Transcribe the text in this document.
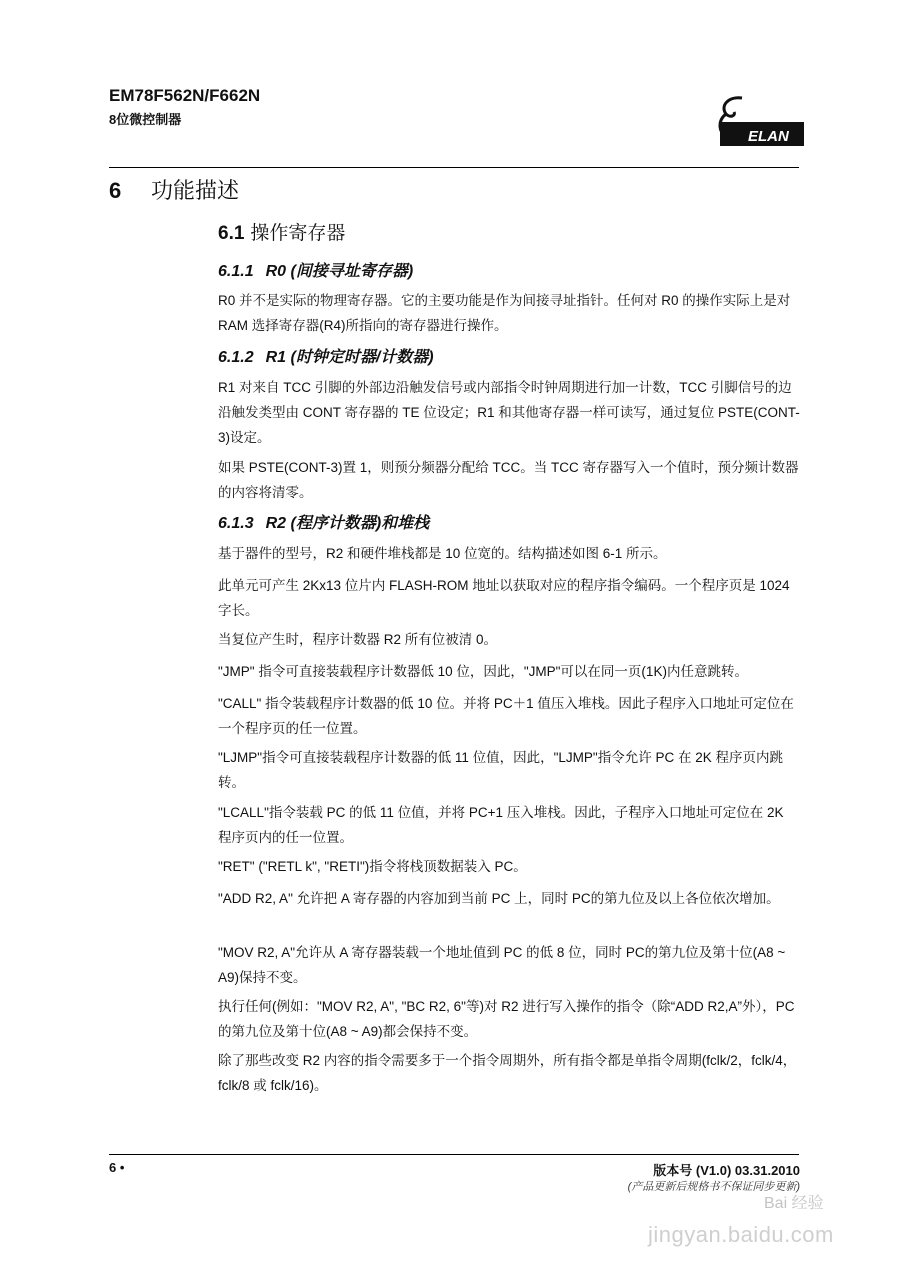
EM78F562N/F662N
8位微控制器
ELAN
6 功能描述
6.1 操作寄存器
6.1.1 R0 (间接寻址寄存器)
R0 并不是实际的物理寄存器。它的主要功能是作为间接寻址指针。任何对 R0 的操作实际上是对 RAM 选择寄存器(R4)所指向的寄存器进行操作。
6.1.2 R1 (时钟定时器/计数器)
R1 对来自 TCC 引脚的外部边沿触发信号或内部指令时钟周期进行加一计数，TCC 引脚信号的边沿触发类型由 CONT 寄存器的 TE 位设定；R1 和其他寄存器一样可读写，通过复位 PSTE(CONT-3)设定。
如果 PSTE(CONT-3)置 1，则预分频器分配给 TCC。当 TCC 寄存器写入一个值时，预分频计数器的内容将清零。
6.1.3 R2 (程序计数器)和堆栈
基于器件的型号，R2 和硬件堆栈都是 10 位宽的。结构描述如图 6-1 所示。
此单元可产生 2Kx13 位片内 FLASH-ROM 地址以获取对应的程序指令编码。一个程序页是 1024 字长。
当复位产生时，程序计数器 R2 所有位被清 0。
"JMP" 指令可直接装载程序计数器低 10 位，因此，"JMP"可以在同一页(1K)内任意跳转。
"CALL" 指令装载程序计数器的低 10 位。并将 PC＋1 值压入堆栈。因此子程序入口地址可定位在一个程序页的任一位置。
"LJMP"指令可直接装载程序计数器的低 11 位值，因此，"LJMP"指令允许 PC 在 2K 程序页内跳转。
"LCALL"指令装载 PC 的低 11 位值，并将 PC+1 压入堆栈。因此，子程序入口地址可定位在 2K 程序页内的任一位置。
"RET" ("RETL k", "RETI")指令将栈顶数据装入 PC。
"ADD R2, A" 允许把 A 寄存器的内容加到当前 PC 上，同时 PC的第九位及以上各位依次增加。
"MOV R2, A"允许从 A 寄存器装载一个地址值到 PC 的低 8 位，同时 PC的第九位及第十位(A8 ~ A9)保持不变。
执行任何(例如："MOV R2, A", "BC R2, 6"等)对 R2 进行写入操作的指令（除“ADD R2,A”外），PC 的第九位及第十位(A8 ~ A9)都会保持不变。
除了那些改变 R2 内容的指令需要多于一个指令周期外，所有指令都是单指令周期(fclk/2，fclk/4，fclk/8 或 fclk/16)。
6 •	版本号 (V1.0) 03.31.2010
(产品更新后规格书不保证同步更新)
Bai 经验
jingyan.baidu.com
